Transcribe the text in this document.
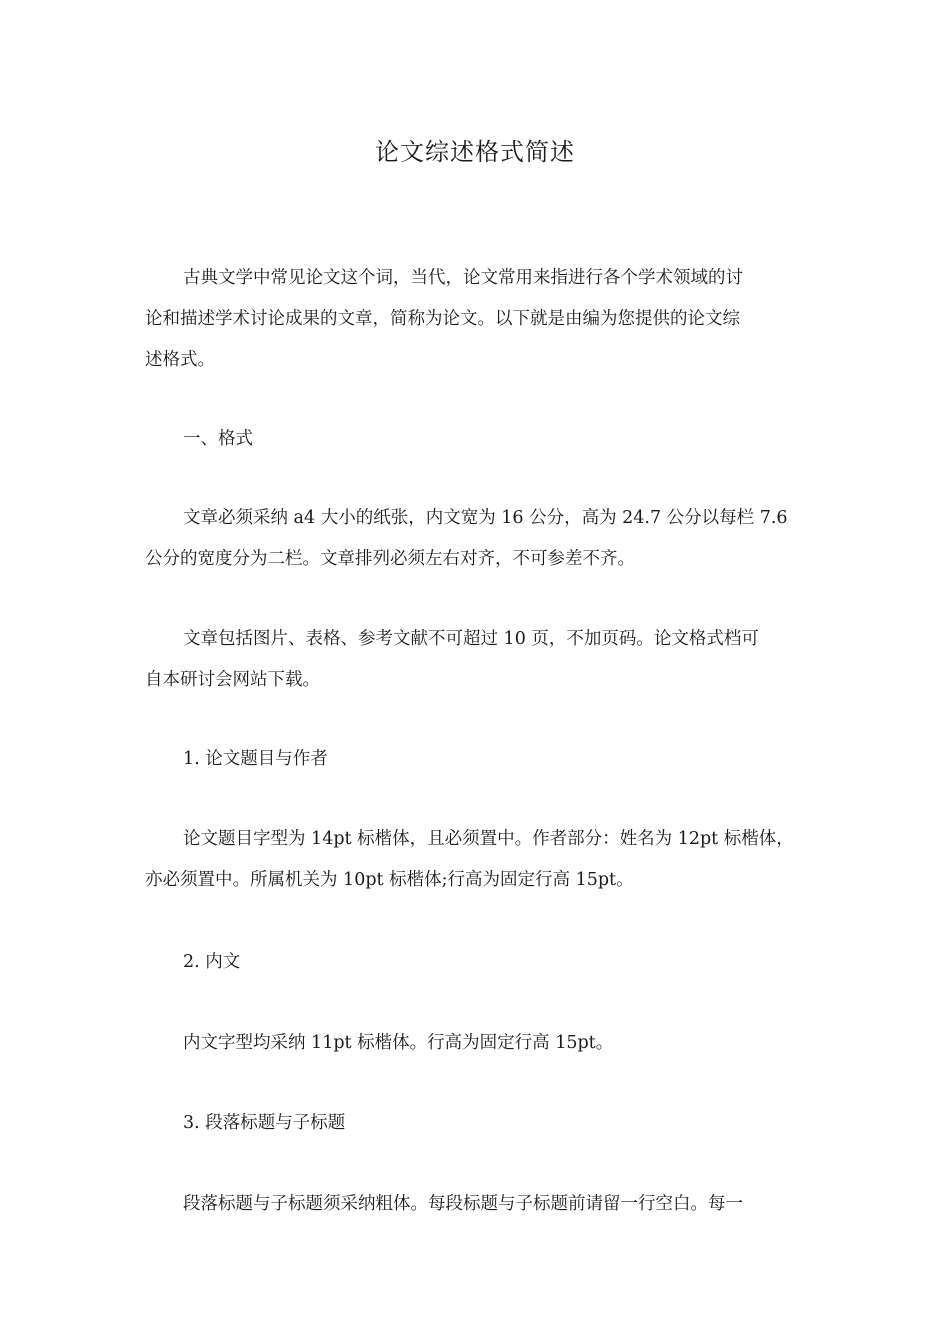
论文综述格式简述

古典文学中常见论文这个词，当代，论文常用来指进行各个学术领域的讨
论和描述学术讨论成果的文章，简称为论文。以下就是由编为您提供的论文综
述格式。

一、格式

文章必须采纳 a4 大小的纸张，内文宽为 16 公分，高为 24.7 公分以每栏 7.6
公分的宽度分为二栏。文章排列必须左右对齐，不可参差不齐。

文章包括图片、表格、参考文献不可超过 10 页，不加页码。论文格式档可
自本研讨会网站下载。

1. 论文题目与作者

论文题目字型为 14pt 标楷体，且必须置中。作者部分：姓名为 12pt 标楷体，
亦必须置中。所属机关为 10pt 标楷体;行高为固定行高 15pt。

2. 内文

内文字型均采纳 11pt 标楷体。行高为固定行高 15pt。

3. 段落标题与子标题

段落标题与子标题须采纳粗体。每段标题与子标题前请留一行空白。每一
